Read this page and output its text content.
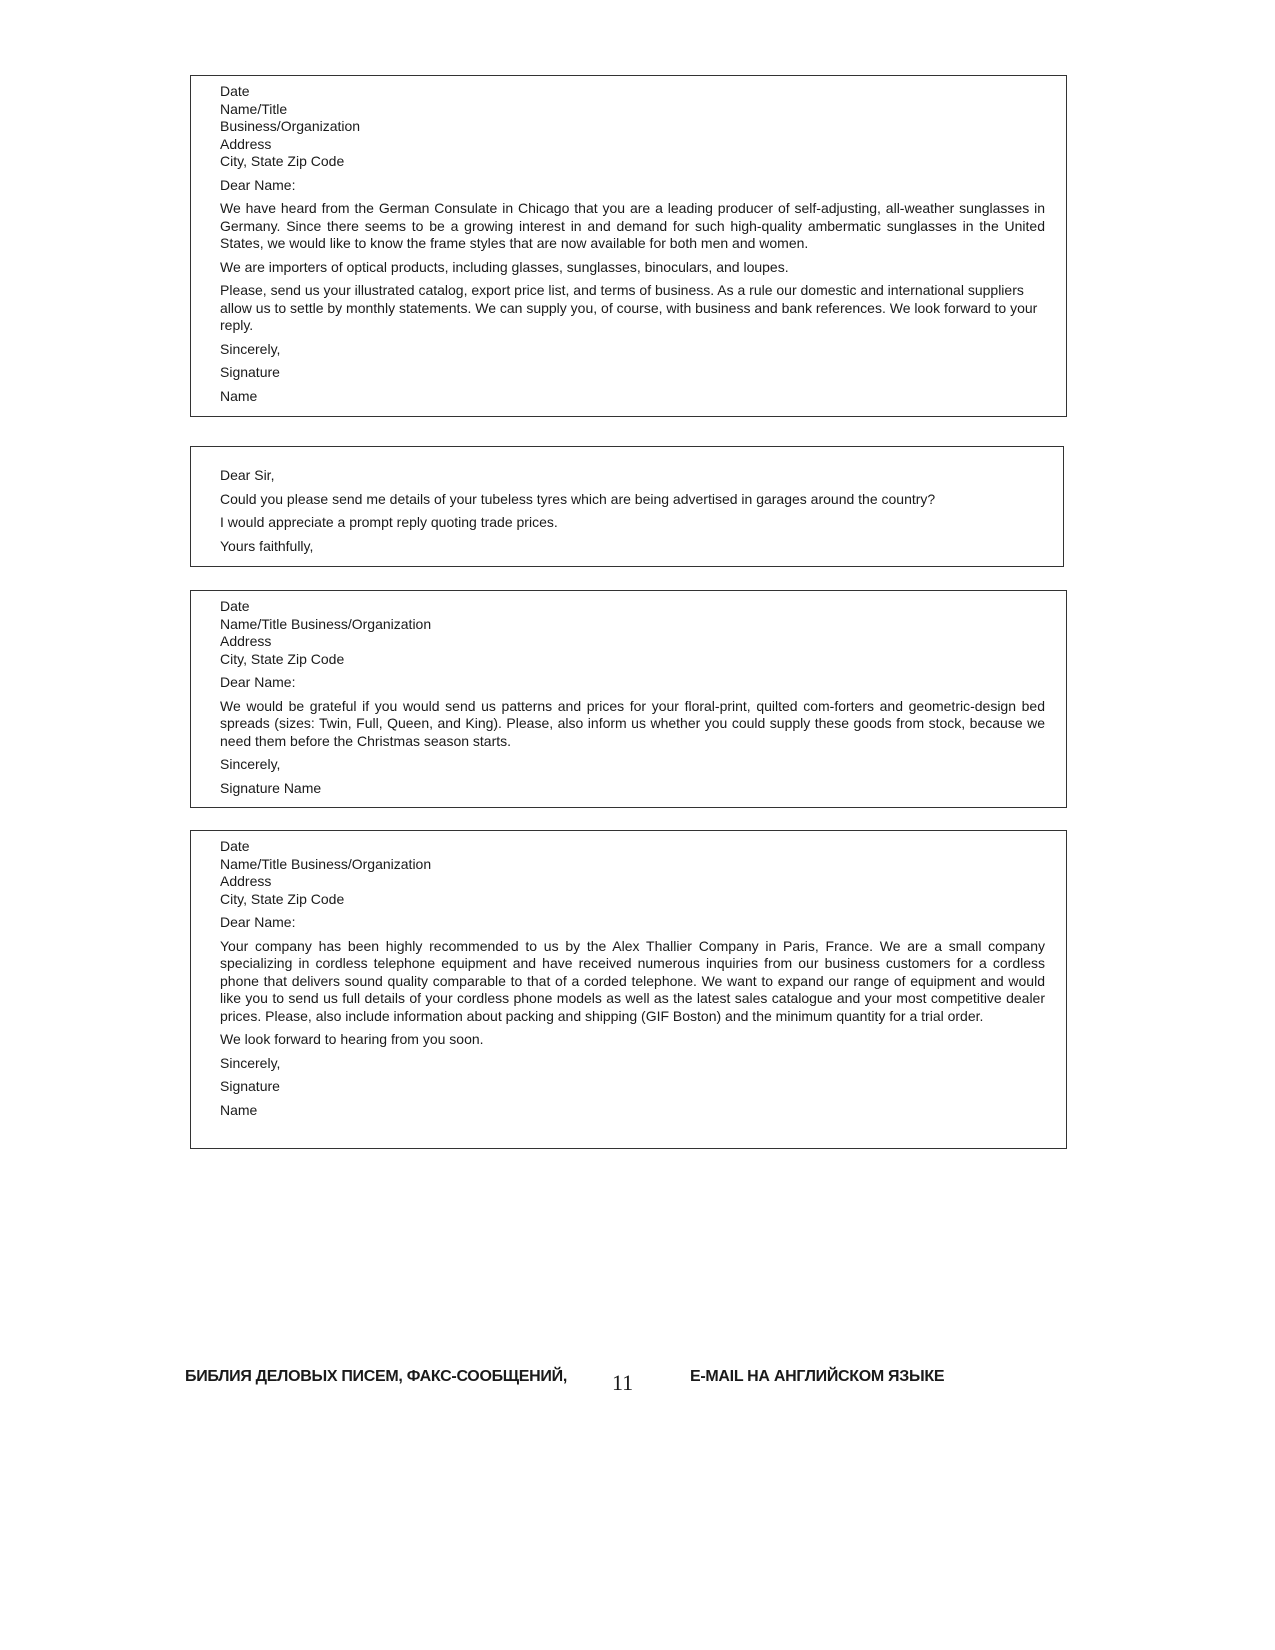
Date
Name/Title
Business/Organization
Address
City, State Zip Code

Dear Name:

We have heard from the German Consulate in Chicago that you are a leading producer of self-adjusting, all-weather sunglasses in Germany. Since there seems to be a growing interest in and demand for such high-quality ambermatic sunglasses in the United States, we would like to know the frame styles that are now available for both men and women.

We are importers of optical products, including glasses, sunglasses, binoculars, and loupes.

Please, send us your illustrated catalog, export price list, and terms of business. As a rule our domestic and international suppliers allow us to settle by monthly statements. We can supply you, of course, with business and bank references. We look forward to your reply.

Sincerely,

Signature

Name

Dear Sir,

Could you please send me details of your tubeless tyres which are being advertised in garages around the country?

I would appreciate a prompt reply quoting trade prices.

Yours faithfully,

Date
Name/Title Business/Organization
Address
City, State Zip Code

Dear Name:

We would be grateful if you would send us patterns and prices for your floral-print, quilted com-forters and geometric-design bed spreads (sizes: Twin, Full, Queen, and King). Please, also inform us whether you could supply these goods from stock, because we need them before the Christmas season starts.

Sincerely,

Signature Name

Date
Name/Title Business/Organization
Address
City, State Zip Code

Dear Name:

Your company has been highly recommended to us by the Alex Thallier Company in Paris, France. We are a small company specializing in cordless telephone equipment and have received numerous inquiries from our business customers for a cordless phone that delivers sound quality comparable to that of a corded telephone. We want to expand our range of equipment and would like you to send us full details of your cordless phone models as well as the latest sales catalogue and your most competitive dealer prices. Please, also include information about packing and shipping (GIF Boston) and the minimum quantity for a trial order.

We look forward to hearing from you soon.

Sincerely,

Signature

Name

БИБЛИЯ ДЕЛОВЫХ ПИСЕМ, ФАКС-СООБЩЕНИЙ, 11	E-MAIL НА АНГЛИЙСКОМ ЯЗЫКЕ
